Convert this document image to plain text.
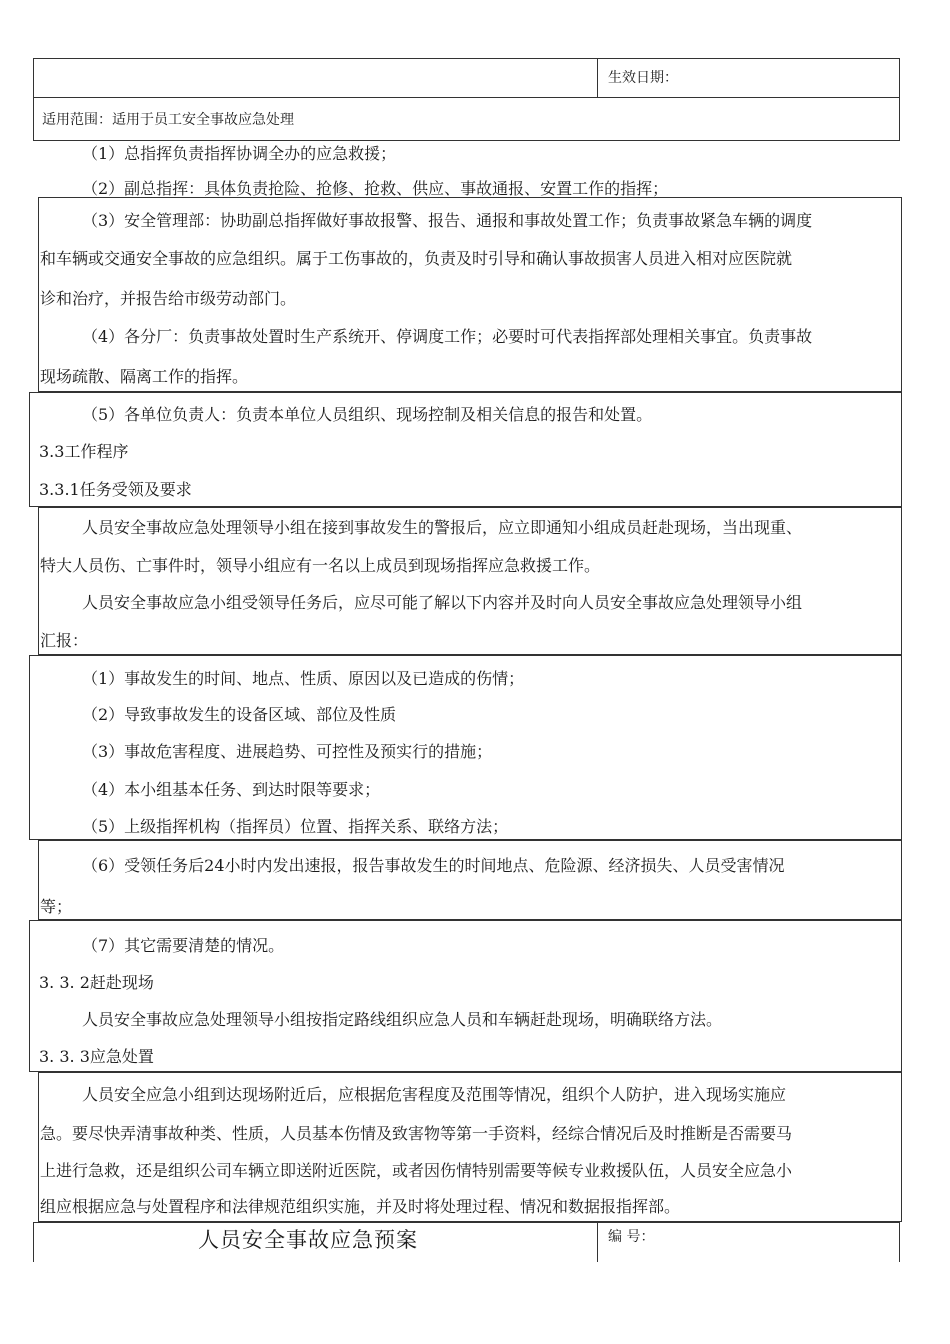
生效日期：
适用范围：适用于员工安全事故应急处理
（1）总指挥负责指挥协调全办的应急救援；
（2）副总指挥：具体负责抢险、抢修、抢救、供应、事故通报、安置工作的指挥；
（3）安全管理部：协助副总指挥做好事故报警、报告、通报和事故处置工作；负责事故紧急车辆的调度
和车辆或交通安全事故的应急组织。属于工伤事故的，负责及时引导和确认事故损害人员进入相对应医院就
诊和治疗，并报告给市级劳动部门。
（4）各分厂：负责事故处置时生产系统开、停调度工作；必要时可代表指挥部处理相关事宜。负责事故
现场疏散、隔离工作的指挥。
（5）各单位负责人：负责本单位人员组织、现场控制及相关信息的报告和处置。
3.3工作程序
3.3.1任务受领及要求
人员安全事故应急处理领导小组在接到事故发生的警报后，应立即通知小组成员赶赴现场，当出现重、
特大人员伤、亡事件时，领导小组应有一名以上成员到现场指挥应急救援工作。
人员安全事故应急小组受领导任务后，应尽可能了解以下内容并及时向人员安全事故应急处理领导小组
汇报：
（1）事故发生的时间、地点、性质、原因以及已造成的伤情；
（2）导致事故发生的设备区域、部位及性质
（3）事故危害程度、进展趋势、可控性及预实行的措施；
（4）本小组基本任务、到达时限等要求；
（5）上级指挥机构（指挥员）位置、指挥关系、联络方法；
（6）受领任务后24小时内发出速报，报告事故发生的时间地点、危险源、经济损失、人员受害情况
等；
（7）其它需要清楚的情况。
3. 3. 2赶赴现场
人员安全事故应急处理领导小组按指定路线组织应急人员和车辆赶赴现场，明确联络方法。
3. 3. 3应急处置
人员安全应急小组到达现场附近后，应根据危害程度及范围等情况，组织个人防护，进入现场实施应
急。要尽快弄清事故种类、性质，人员基本伤情及致害物等第一手资料，经综合情况后及时推断是否需要马
上进行急救，还是组织公司车辆立即送附近医院，或者因伤情特别需要等候专业救援队伍，人员安全应急小
组应根据应急与处置程序和法律规范组织实施，并及时将处理过程、情况和数据报指挥部。
人员安全事故应急预案	编 号：
